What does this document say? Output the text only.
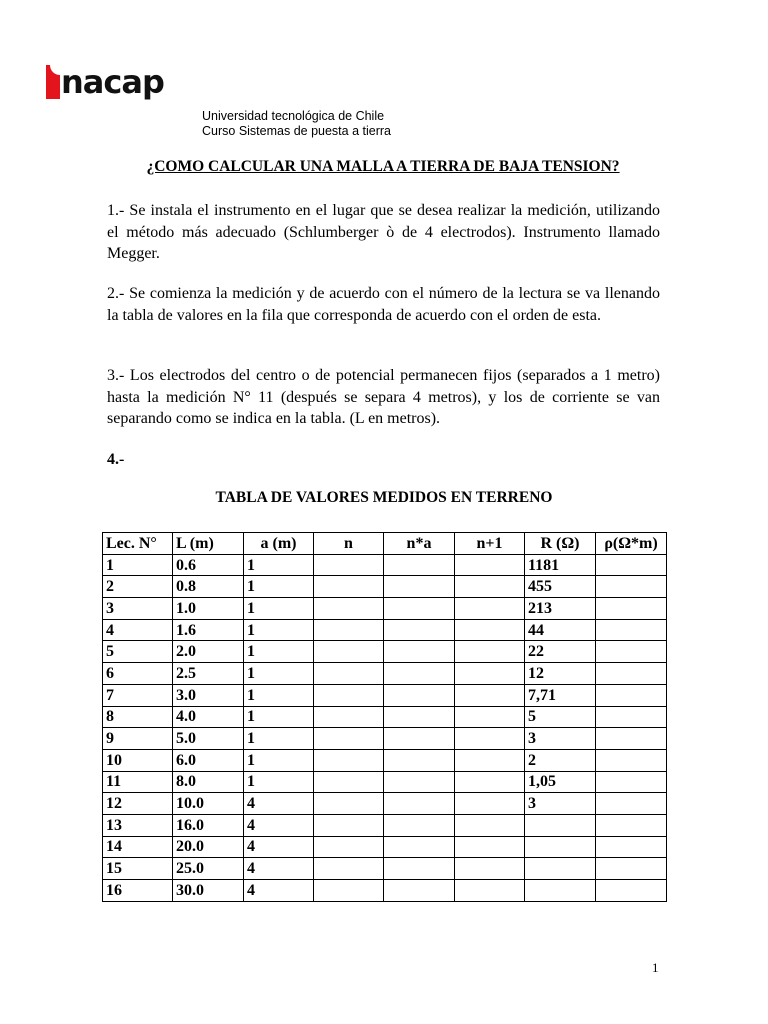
nacap
Universidad tecnológica de Chile
Curso Sistemas de puesta a tierra
¿COMO CALCULAR UNA MALLA A TIERRA DE BAJA TENSION?
1.- Se instala el instrumento en el lugar que se desea realizar la medición, utilizando el método más adecuado (Schlumberger ò de 4 electrodos). Instrumento llamado Megger.
2.- Se comienza la medición y de acuerdo con el número de la lectura se va llenando la tabla de valores en la fila que corresponda de acuerdo con el orden de esta.
3.- Los electrodos del centro o de potencial permanecen fijos (separados a 1 metro) hasta la medición N° 11 (después se separa 4 metros), y los de corriente se van separando como se indica en la tabla. (L en metros).
4.-
TABLA DE VALORES MEDIDOS EN TERRENO
Lec. N°	L (m)	a (m)	n	n*a	n+1	R (Ω)	ρ(Ω*m)
1	0.6	1				1181	
2	0.8	1				455	
3	1.0	1				213	
4	1.6	1				44	
5	2.0	1				22	
6	2.5	1				12	
7	3.0	1				7,71	
8	4.0	1				5	
9	5.0	1				3	
10	6.0	1				2	
11	8.0	1				1,05	
12	10.0	4				3	
13	16.0	4					
14	20.0	4					
15	25.0	4					
16	30.0	4					
1
